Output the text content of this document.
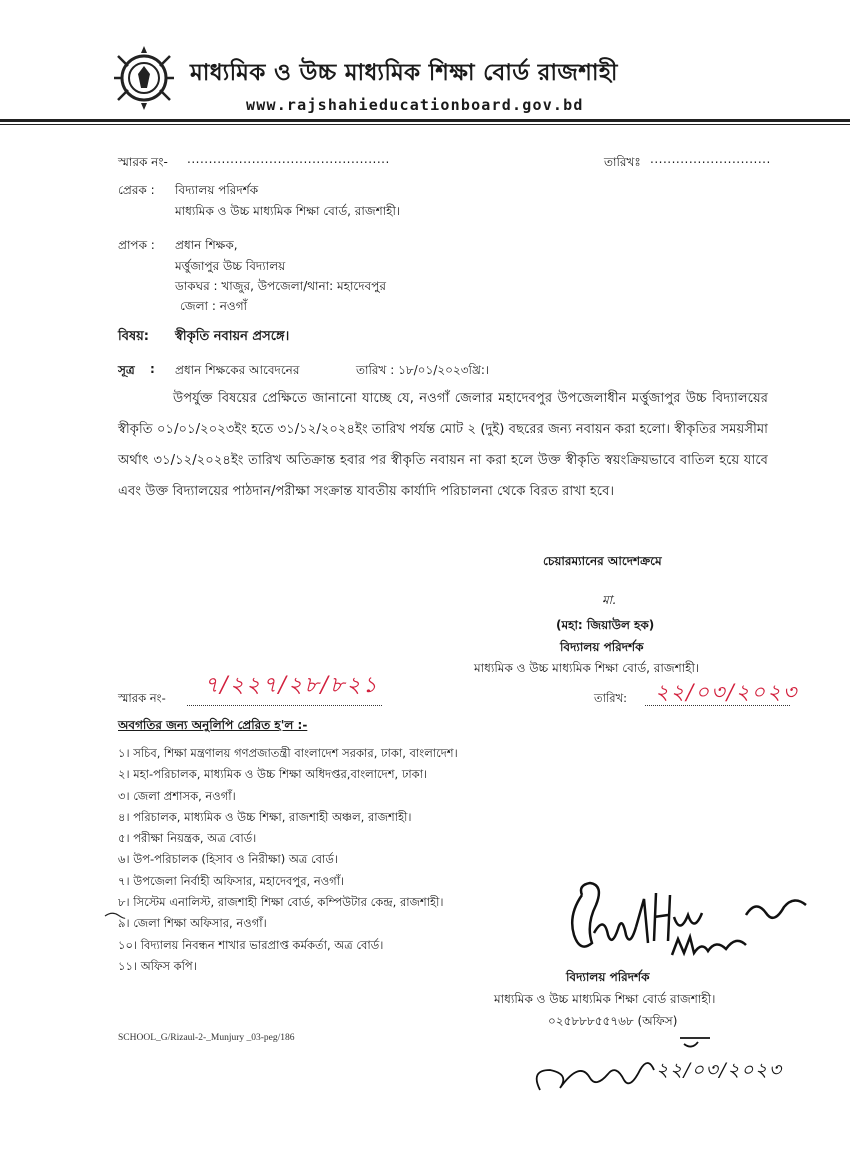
মাধ্যমিক ও উচ্চ মাধ্যমিক শিক্ষা বোর্ড রাজশাহী
www.rajshahieducationboard.gov.bd
স্মারক নং- ...............................................	তারিখঃ ............................
প্রেরক : বিদ্যালয় পরিদর্শক
মাধ্যমিক ও উচ্চ মাধ্যমিক শিক্ষা বোর্ড, রাজশাহী।
প্রাপক : প্রধান শিক্ষক,
মর্ত্তুজাপুর উচ্চ বিদ্যালয়
ডাকঘর : খাজুর, উপজেলা/থানা: মহাদেবপুর
জেলা : নওগাঁ
বিষয়: স্বীকৃতি নবায়ন প্রসঙ্গে।
সূত্র : প্রধান শিক্ষকের আবেদনের	তারিখ : ১৮/০১/২০২৩খ্রি:।
উপর্যুক্ত বিষয়ের প্রেক্ষিতে জানানো যাচ্ছে যে, নওগাঁ জেলার মহাদেবপুর উপজেলাধীন মর্ত্তুজাপুর উচ্চ বিদ্যালয়ের স্বীকৃতি ০১/০১/২০২৩ইং হতে ৩১/১২/২০২৪ইং তারিখ পর্যন্ত মোট ২ (দুই) বছরের জন্য নবায়ন করা হলো। স্বীকৃতির সময়সীমা অর্থাৎ ৩১/১২/২০২৪ইং তারিখ অতিক্রান্ত হবার পর স্বীকৃতি নবায়ন না করা হলে উক্ত স্বীকৃতি স্বয়ংক্রিয়ভাবে বাতিল হয়ে যাবে এবং উক্ত বিদ্যালয়ের পাঠদান/পরীক্ষা সংক্রান্ত যাবতীয় কার্যাদি পরিচালনা থেকে বিরত রাখা হবে।
চেয়ারম্যানের আদেশক্রমে
মা.
(মহা: জিয়াউল হক)
বিদ্যালয় পরিদর্শক
মাধ্যমিক ও উচ্চ মাধ্যমিক শিক্ষা বোর্ড, রাজশাহী।
স্মারক নং- ৭/২২৭/২৮/৮২১	তারিখ: ২২/০৩/২০২৩
অবগতির জন্য অনুলিপি প্রেরিত হ'ল :-
১। সচিব, শিক্ষা মন্ত্রণালয় গণপ্রজাতন্ত্রী বাংলাদেশ সরকার, ঢাকা, বাংলাদেশ।
২। মহা-পরিচালক, মাধ্যমিক ও উচ্চ শিক্ষা অধিদপ্তর,বাংলাদেশ, ঢাকা।
৩। জেলা প্রশাসক, নওগাঁ।
৪। পরিচালক, মাধ্যমিক ও উচ্চ শিক্ষা, রাজশাহী অঞ্চল, রাজশাহী।
৫। পরীক্ষা নিয়ন্ত্রক, অত্র বোর্ড।
৬। উপ-পরিচালক (হিসাব ও নিরীক্ষা) অত্র বোর্ড।
৭। উপজেলা নির্বাহী অফিসার, মহাদেবপুর, নওগাঁ।
৮। সিস্টেম এনালিস্ট, রাজশাহী শিক্ষা বোর্ড, কম্পিউটার কেন্দ্র, রাজশাহী।
৯। জেলা শিক্ষা অফিসার, নওগাঁ।
১০। বিদ্যালয় নিবন্ধন শাখার ভারপ্রাপ্ত কর্মকর্তা, অত্র বোর্ড।
১১। অফিস কপি।
বিদ্যালয় পরিদর্শক
মাধ্যমিক ও উচ্চ মাধ্যমিক শিক্ষা বোর্ড রাজশাহী।
০২৫৮৮৮৫৫৭৬৮ (অফিস)
SCHOOL_G/Rizaul-2-_Munjury _03-peg/186
২২/০৩/২০২৩
